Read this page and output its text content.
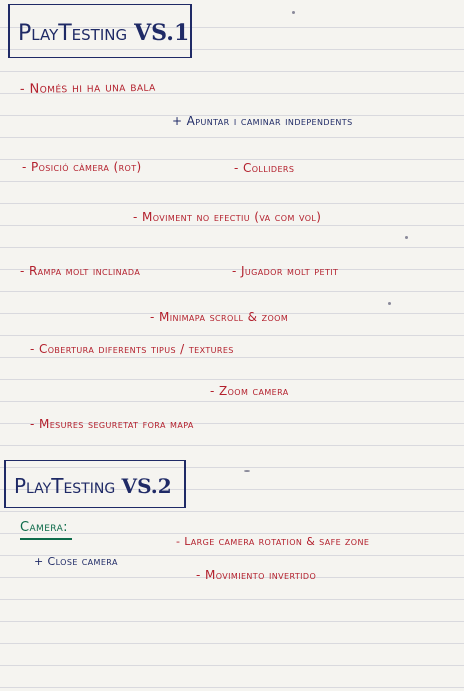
PlayTesting VS.1
- Només hi ha una bala
+ Apuntar i caminar independents
- Posició càmera (rot)	- Colliders
- Moviment no efectiu (va com vol)
- Rampa molt inclinada	- Jugador molt petit
- Minimapa scroll & zoom
- Cobertura diferents tipus / textures
- Zoom camera
- Mesures seguretat fora mapa
PlayTesting VS.2
Camera:
- Large camera rotation & safe zone
+ Close camera
- Movimiento invertido
